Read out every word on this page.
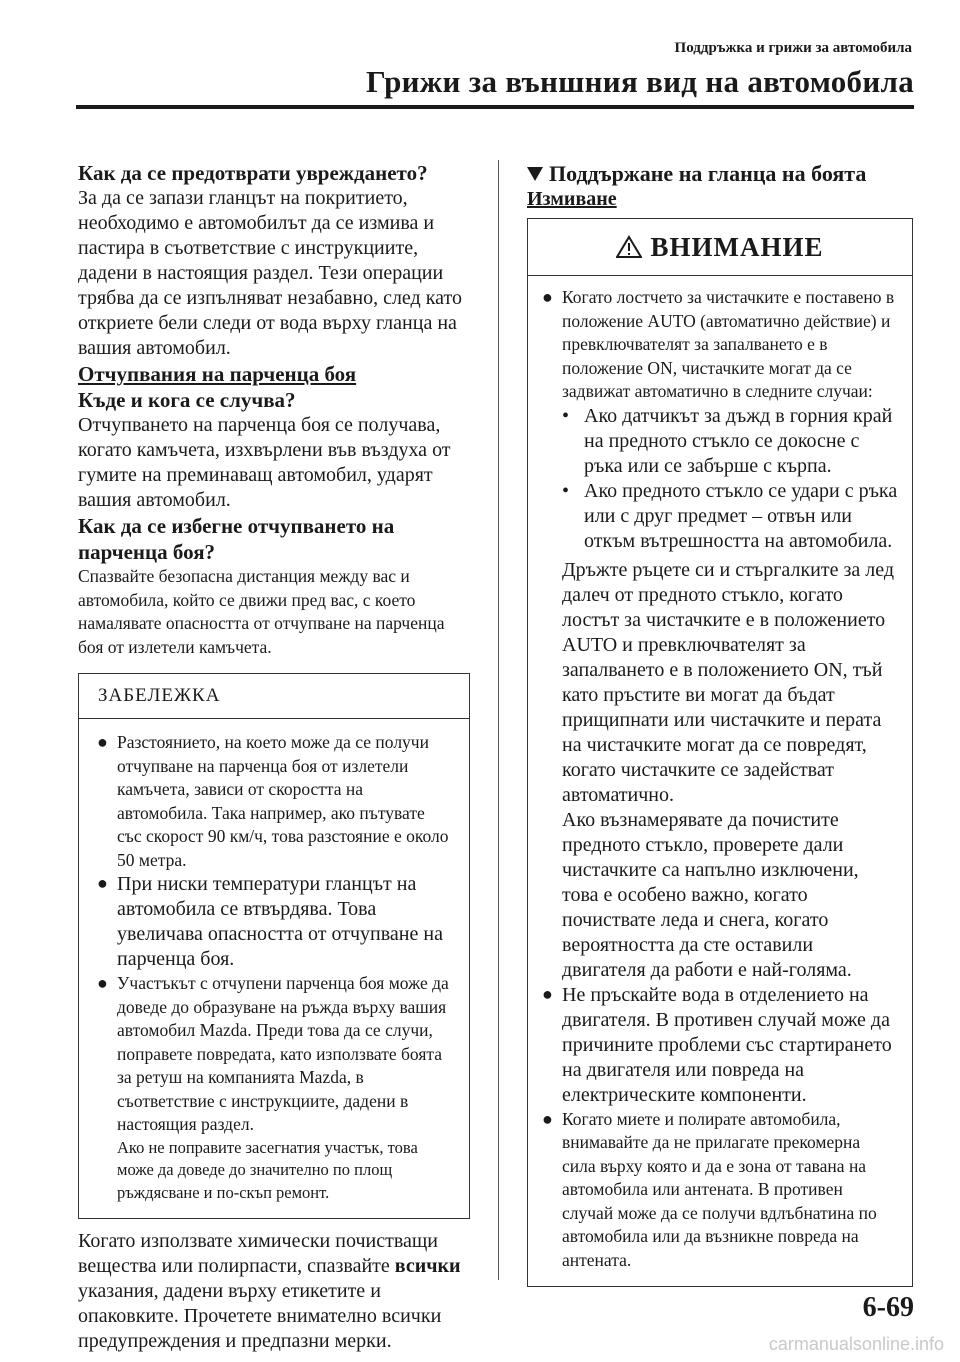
Поддръжка и грижи за автомобила
Грижи за външния вид на автомобила

Как да се предотврати увреждането?

За да се запази гланцът на покритието, необходимо е автомобилът да се измива и пастира в съответствие с инструкциите, дадени в настоящия раздел. Тези операции трябва да се изпълняват незабавно, след като откриете бели следи от вода върху гланца на вашия автомобил.

Отчупвания на парченца боя

Къде и кога се случва?

Отчупването на парченца боя се получава, когато камъчета, изхвърлени във въздуха от гумите на преминаващ автомобил, ударят вашия автомобил.

Как да се избегне отчупването на парченца боя?

Спазвайте безопасна дистанция между вас и автомобила, който се движи пред вас, с което намалявате опасността от отчупване на парченца боя от излетели камъчета.

ЗАБЕЛЕЖКА
● Разстоянието, на което може да се получи отчупване на парченца боя от излетели камъчета, зависи от скоростта на автомобила. Така например, ако пътувате със скорост 90 км/ч, това разстояние е около 50 метра.
● При ниски температури гланцът на автомобила се втвърдява. Това увеличава опасността от отчупване на парченца боя.
● Участъкът с отчупени парченца боя може да доведе до образуване на ръжда върху вашия автомобил Mazda. Преди това да се случи, поправете повредата, като използвате боята за ретуш на компанията Mazda, в съответствие с инструкциите, дадени в настоящия раздел.
Ако не поправите засегнатия участък, това може да доведе до значително по площ ръждясване и по-скъп ремонт.

Когато използвате химически почистващи вещества или полирпасти, спазвайте всички указания, дадени върху етикетите и опаковките. Прочетете внимателно всички предупреждения и предпазни мерки.

Поддържане на гланца на боята

Измиване

ВНИМАНИЕ
● Когато лостчето за чистачките е поставено в положение AUTO (автоматично действие) и превключвателят за запалването е в положение ON, чистачките могат да се задвижат автоматично в следните случаи:
• Ако датчикът за дъжд в горния край на предното стъкло се докосне с ръка или се забърше с кърпа.
• Ако предното стъкло се удари с ръка или с друг предмет – отвън или откъм вътрешността на автомобила.

Дръжте ръцете си и стъргалките за лед далеч от предното стъкло, когато лостът за чистачките е в положението AUTO и превключвателят за запалването е в положението ON, тъй като пръстите ви могат да бъдат прищипнати или чистачките и перата на чистачките могат да се повредят, когато чистачките се задействат автоматично.

Ако възнамерявате да почистите предното стъкло, проверете дали чистачките са напълно изключени, това е особено важно, когато почиствате леда и снега, когато вероятността да сте оставили двигателя да работи е най-голяма.

● Не пръскайте вода в отделението на двигателя. В противен случай може да причините проблеми със стартирането на двигателя или повреда на електрическите компоненти.
● Когато миете и полирате автомобила, внимавайте да не прилагате прекомерна сила върху която и да е зона от тавана на автомобила или антената. В противен случай може да се получи вдлъбнатина по автомобила или да възникне повреда на антената.
6-69
carmanualsonline.info
